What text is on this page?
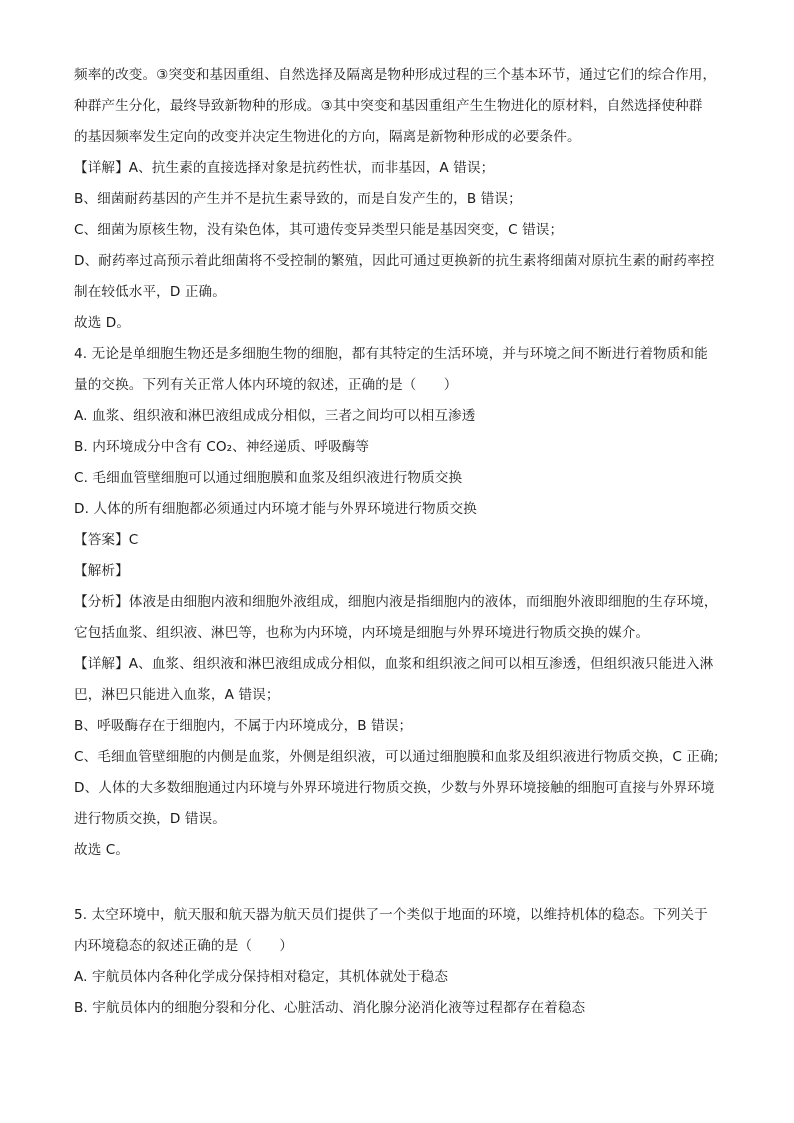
频率的改变。③突变和基因重组、自然选择及隔离是物种形成过程的三个基本环节，通过它们的综合作用，
种群产生分化，最终导致新物种的形成。③其中突变和基因重组产生生物进化的原材料，自然选择使种群
的基因频率发生定向的改变并决定生物进化的方向，隔离是新物种形成的必要条件。
【详解】A、抗生素的直接选择对象是抗药性状，而非基因，A 错误；
B、细菌耐药基因的产生并不是抗生素导致的，而是自发产生的，B 错误；
C、细菌为原核生物，没有染色体，其可遗传变异类型只能是基因突变，C 错误；
D、耐药率过高预示着此细菌将不受控制的繁殖，因此可通过更换新的抗生素将细菌对原抗生素的耐药率控
制在较低水平，D 正确。
故选 D。
4. 无论是单细胞生物还是多细胞生物的细胞，都有其特定的生活环境，并与环境之间不断进行着物质和能
量的交换。下列有关正常人体内环境的叙述，正确的是（　　）
A. 血浆、组织液和淋巴液组成成分相似，三者之间均可以相互渗透
B. 内环境成分中含有 CO₂、神经递质、呼吸酶等
C. 毛细血管壁细胞可以通过细胞膜和血浆及组织液进行物质交换
D. 人体的所有细胞都必须通过内环境才能与外界环境进行物质交换
【答案】C
【解析】
【分析】体液是由细胞内液和细胞外液组成，细胞内液是指细胞内的液体，而细胞外液即细胞的生存环境，
它包括血浆、组织液、淋巴等，也称为内环境，内环境是细胞与外界环境进行物质交换的媒介。
【详解】A、血浆、组织液和淋巴液组成成分相似，血浆和组织液之间可以相互渗透，但组织液只能进入淋
巴，淋巴只能进入血浆，A 错误；
B、呼吸酶存在于细胞内，不属于内环境成分，B 错误；
C、毛细血管壁细胞的内侧是血浆，外侧是组织液，可以通过细胞膜和血浆及组织液进行物质交换，C 正确;
D、人体的大多数细胞通过内环境与外界环境进行物质交换，少数与外界环境接触的细胞可直接与外界环境
进行物质交换，D 错误。
故选 C。
5. 太空环境中，航天服和航天器为航天员们提供了一个类似于地面的环境，以维持机体的稳态。下列关于
内环境稳态的叙述正确的是（　　）
A. 宇航员体内各种化学成分保持相对稳定，其机体就处于稳态
B. 宇航员体内的细胞分裂和分化、心脏活动、消化腺分泌消化液等过程都存在着稳态
